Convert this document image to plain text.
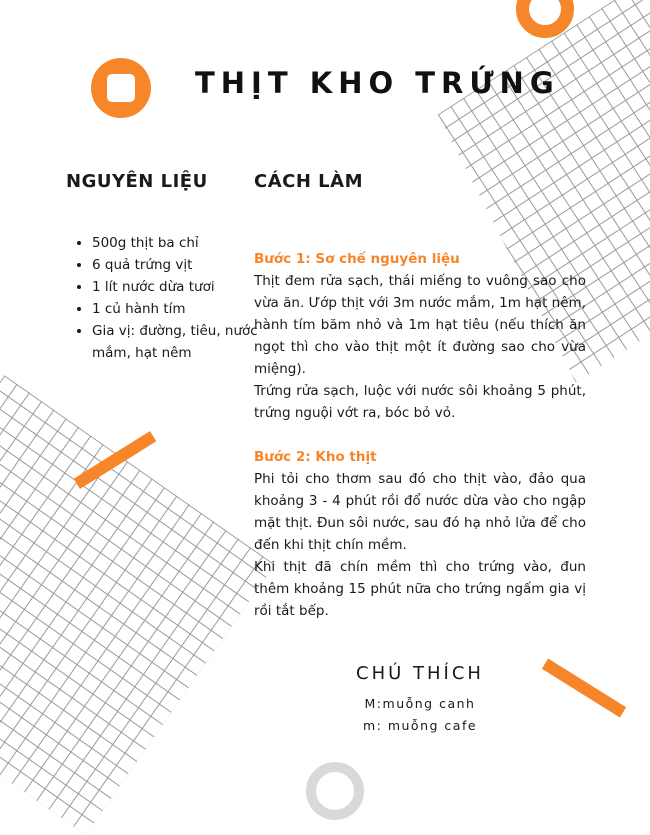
THỊT KHO TRỨNG
NGUYÊN LIỆU
• 500g thịt ba chỉ
• 6 quả trứng vịt
• 1 lít nước dừa tươi
• 1 củ hành tím
• Gia vị: đường, tiêu, nước mắm, hạt nêm
CÁCH LÀM

Bước 1: Sơ chế nguyên liệu

Thịt đem rửa sạch, thái miếng to vuông sao cho vừa ăn. Ướp thịt với 3m nước mắm, 1m hạt nêm, hành tím băm nhỏ và 1m hạt tiêu (nếu thích ăn ngọt thì cho vào thịt một ít đường sao cho vừa miệng).

Trứng rửa sạch, luộc với nước sôi khoảng 5 phút, trứng nguội vớt ra, bóc bỏ vỏ.

Bước 2: Kho thịt

Phi tỏi cho thơm sau đó cho thịt vào, đảo qua khoảng 3 - 4 phút rồi đổ nước dừa vào cho ngập mặt thịt. Đun sôi nước, sau đó hạ nhỏ lửa để cho đến khi thịt chín mềm.

Khi thịt đã chín mềm thì cho trứng vào, đun thêm khoảng 15 phút nữa cho trứng ngấm gia vị rồi tắt bếp.

CHÚ THÍCH
M:muỗng canh
m: muỗng cafe
